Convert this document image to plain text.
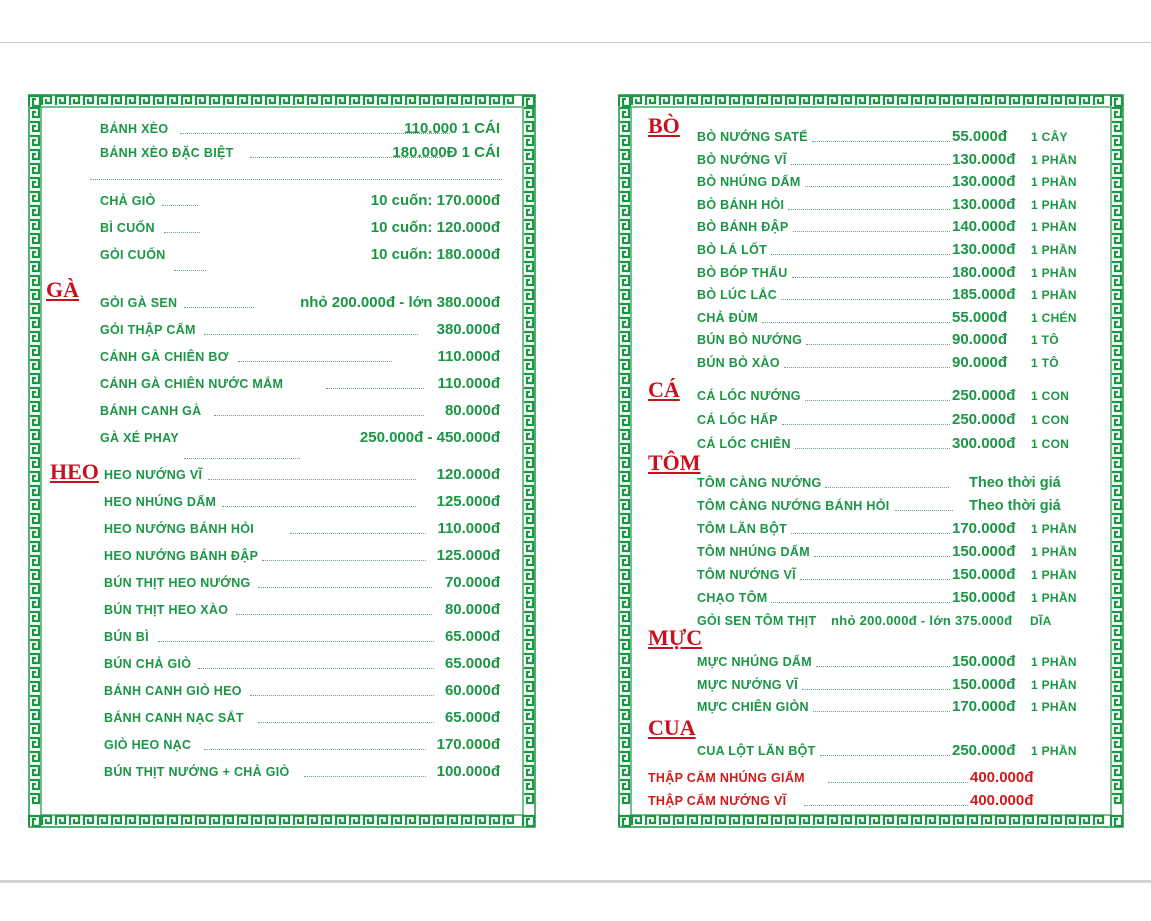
BÁNH XÈO	110.000 1 CÁI
BÁNH XÈO ĐẶC BIỆT	180.000Đ 1 CÁI
CHẢ GIÒ	10 cuốn: 170.000đ
BÌ CUỐN	10 cuốn: 120.000đ
GỎI CUỐN	10 cuốn: 180.000đ
GÀ
GỎI GÀ SEN	nhỏ 200.000đ - lớn 380.000đ
GỎI THẬP CẨM	380.000đ
CÁNH GÀ CHIÊN BƠ	110.000đ
CÁNH GÀ CHIÊN NƯỚC MẮM	110.000đ
BÁNH CANH GÀ	80.000đ
GÀ XÉ PHAY	250.000đ - 450.000đ
HEO HEO NƯỚNG VĨ	120.000đ
HEO NHÚNG DẤM	125.000đ
HEO NƯỚNG BÁNH HỎI	110.000đ
HEO NƯỚNG BÁNH ĐẬP	125.000đ
BÚN THỊT HEO NƯỚNG	70.000đ
BÚN THỊT HEO XÀO	80.000đ
BÚN BÌ	65.000đ
BÚN CHẢ GIÒ	65.000đ
BÁNH CANH GIÒ HEO	60.000đ
BÁNH CANH NẠC SẮT	65.000đ
GIÒ HEO NẠC	170.000đ
BÚN THỊT NƯỚNG + CHẢ GIÒ	100.000đ
BÒ BÒ NƯỚNG SATẾ	55.000đ 1 CÂY
BÒ NƯỚNG VĨ	130.000đ 1 PHẦN
BÒ NHÚNG DẤM	130.000đ 1 PHẦN
BÒ BÁNH HỎI	130.000đ 1 PHẦN
BÒ BÁNH ĐẬP	140.000đ 1 PHẦN
BÒ LÁ LỐT	130.000đ 1 PHẦN
BÒ BÓP THẤU	180.000đ 1 PHẦN
BÒ LÚC LẮC	185.000đ 1 PHẦN
CHẢ ĐÙM	55.000đ 1 CHÉN
BÚN BÒ NƯỚNG	90.000đ 1 TÔ
BÚN BÒ XÀO	90.000đ 1 TÔ
CÁ CÁ LÓC NƯỚNG	250.000đ 1 CON
CÁ LÓC HẤP	250.000đ 1 CON
CÁ LÓC CHIÊN	300.000đ 1 CON
TÔM
TÔM CÀNG NƯỚNG	Theo thời giá
TÔM CÀNG NƯỚNG BÁNH HỎI	Theo thời giá
TÔM LĂN BỘT	170.000đ 1 PHẦN
TÔM NHÚNG DẤM	150.000đ 1 PHẦN
TÔM NƯỚNG VĨ	150.000đ 1 PHẦN
CHẠO TÔM	150.000đ 1 PHẦN
GỎI SEN TÔM THỊT nhỏ 200.000đ - lớn 375.000đ DĨA
MỰC
MỰC NHÚNG DẤM	150.000đ 1 PHẦN
MỰC NƯỚNG VĨ	150.000đ 1 PHẦN
MỰC CHIÊN GIÒN	170.000đ 1 PHẦN
CUA
CUA LỘT LĂN BỘT	250.000đ 1 PHẦN
THẬP CẨM NHÚNG GIẤM	400.000đ
THẬP CẨM NƯỚNG VĨ	400.000đ
